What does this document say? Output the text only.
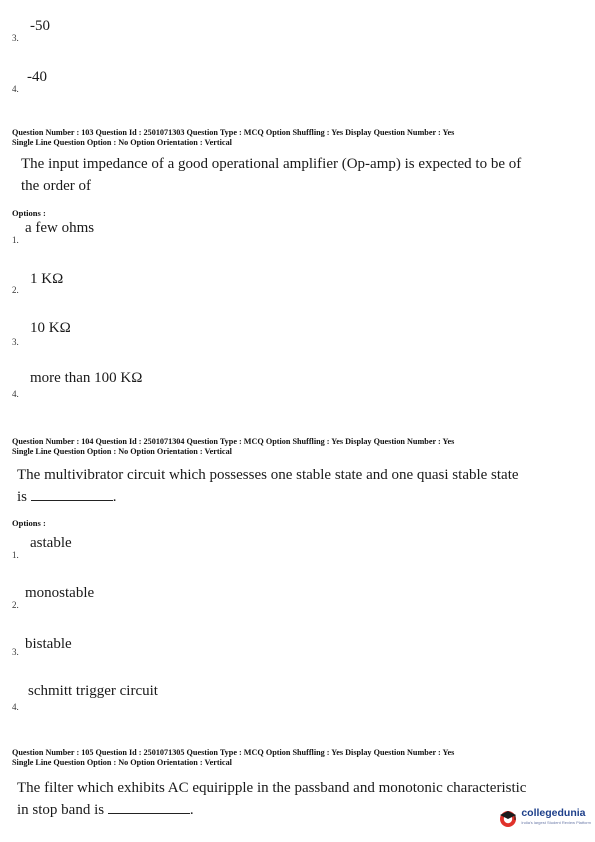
-50
3.
-40
4.
Question Number : 103 Question Id : 2501071303 Question Type : MCQ Option Shuffling : Yes Display Question Number : Yes
Single Line Question Option : No Option Orientation : Vertical
The input impedance of a good operational amplifier (Op-amp) is expected to be of
the order of
Options :
a few ohms
1.
1 KΩ
2.
10 KΩ
3.
more than 100 KΩ
4.
Question Number : 104 Question Id : 2501071304 Question Type : MCQ Option Shuffling : Yes Display Question Number : Yes
Single Line Question Option : No Option Orientation : Vertical
The multivibrator circuit which possesses one stable state and one quasi stable state
is	.
Options :
astable
1.
monostable
2.
bistable
3.
schmitt trigger circuit
4.
Question Number : 105 Question Id : 2501071305 Question Type : MCQ Option Shuffling : Yes Display Question Number : Yes
Single Line Question Option : No Option Orientation : Vertical
The filter which exhibits AC equiripple in the passband and monotonic characteristic
in stop band is	.	collegedunia
India's largest Student Review Platform
